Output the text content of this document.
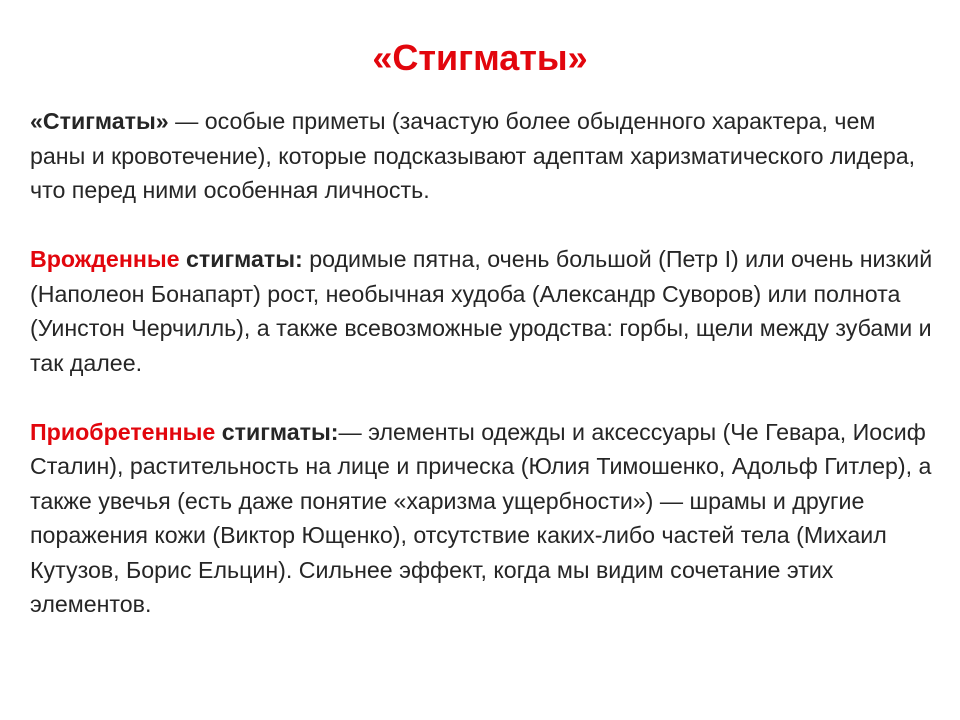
«Стигматы»

«Стигматы» — особые приметы (зачастую более обыденного характера, чем раны и кровотечение), которые подсказывают адептам харизматического лидера, что перед ними особенная личность.

Врожденные стигматы: родимые пятна, очень большой (Петр I) или очень низкий (Наполеон Бонапарт) рост, необычная худоба (Александр Суворов) или полнота (Уинстон Черчилль), а также всевозможные уродства: горбы, щели между зубами и так далее.

Приобретенные стигматы:— элементы одежды и аксессуары (Че Гевара, Иосиф Сталин), растительность на лице и прическа (Юлия Тимошенко, Адольф Гитлер), а также увечья (есть даже понятие «харизма ущербности») — шрамы и другие поражения кожи (Виктор Ющенко), отсутствие каких-либо частей тела (Михаил Кутузов, Борис Ельцин). Сильнее эффект, когда мы видим сочетание этих элементов.
